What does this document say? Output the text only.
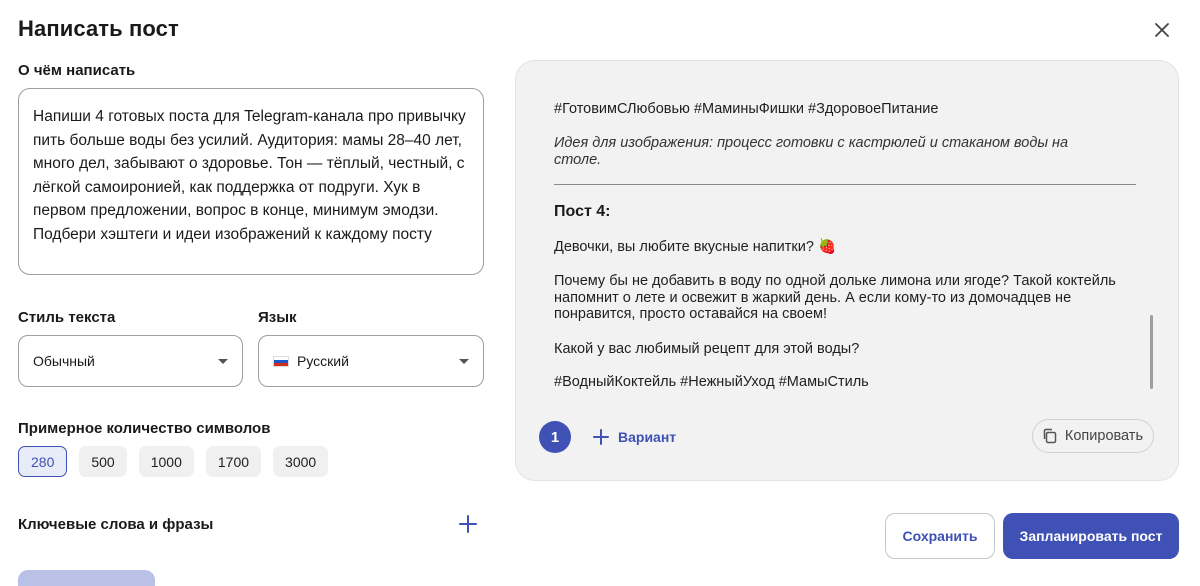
Написать пост
О чём написать
Напиши 4 готовых поста для Telegram-канала про привычку пить больше воды без усилий. Аудитория: мамы 28–40 лет, много дел, забывают о здоровье. Тон — тёплый, честный, с лёгкой самоиронией, как поддержка от подруги. Хук в первом предложении, вопрос в конце, минимум эмодзи. Подбери хэштеги и идеи изображений к каждому посту
Стиль текста	Язык
Обычный	Русский
Примерное количество символов
280	500	1000	1700	3000
Ключевые слова и фразы

#ГотовимСЛюбовью #МаминыФишки #ЗдоровоеПитание

Идея для изображения: процесс готовки с кастрюлей и стаканом воды на столе.

Пост 4:

Девочки, вы любите вкусные напитки? 🍓

Почему бы не добавить в воду по одной дольке лимона или ягоде? Такой коктейль напомнит о лете и освежит в жаркий день. А если кому-то из домочадцев не понравится, просто оставайся на своем!

Какой у вас любимый рецепт для этой воды?

#ВодныйКоктейль #НежныйУход #МамыСтиль

1	Вариант	Копировать
Сохранить	Запланировать пост
